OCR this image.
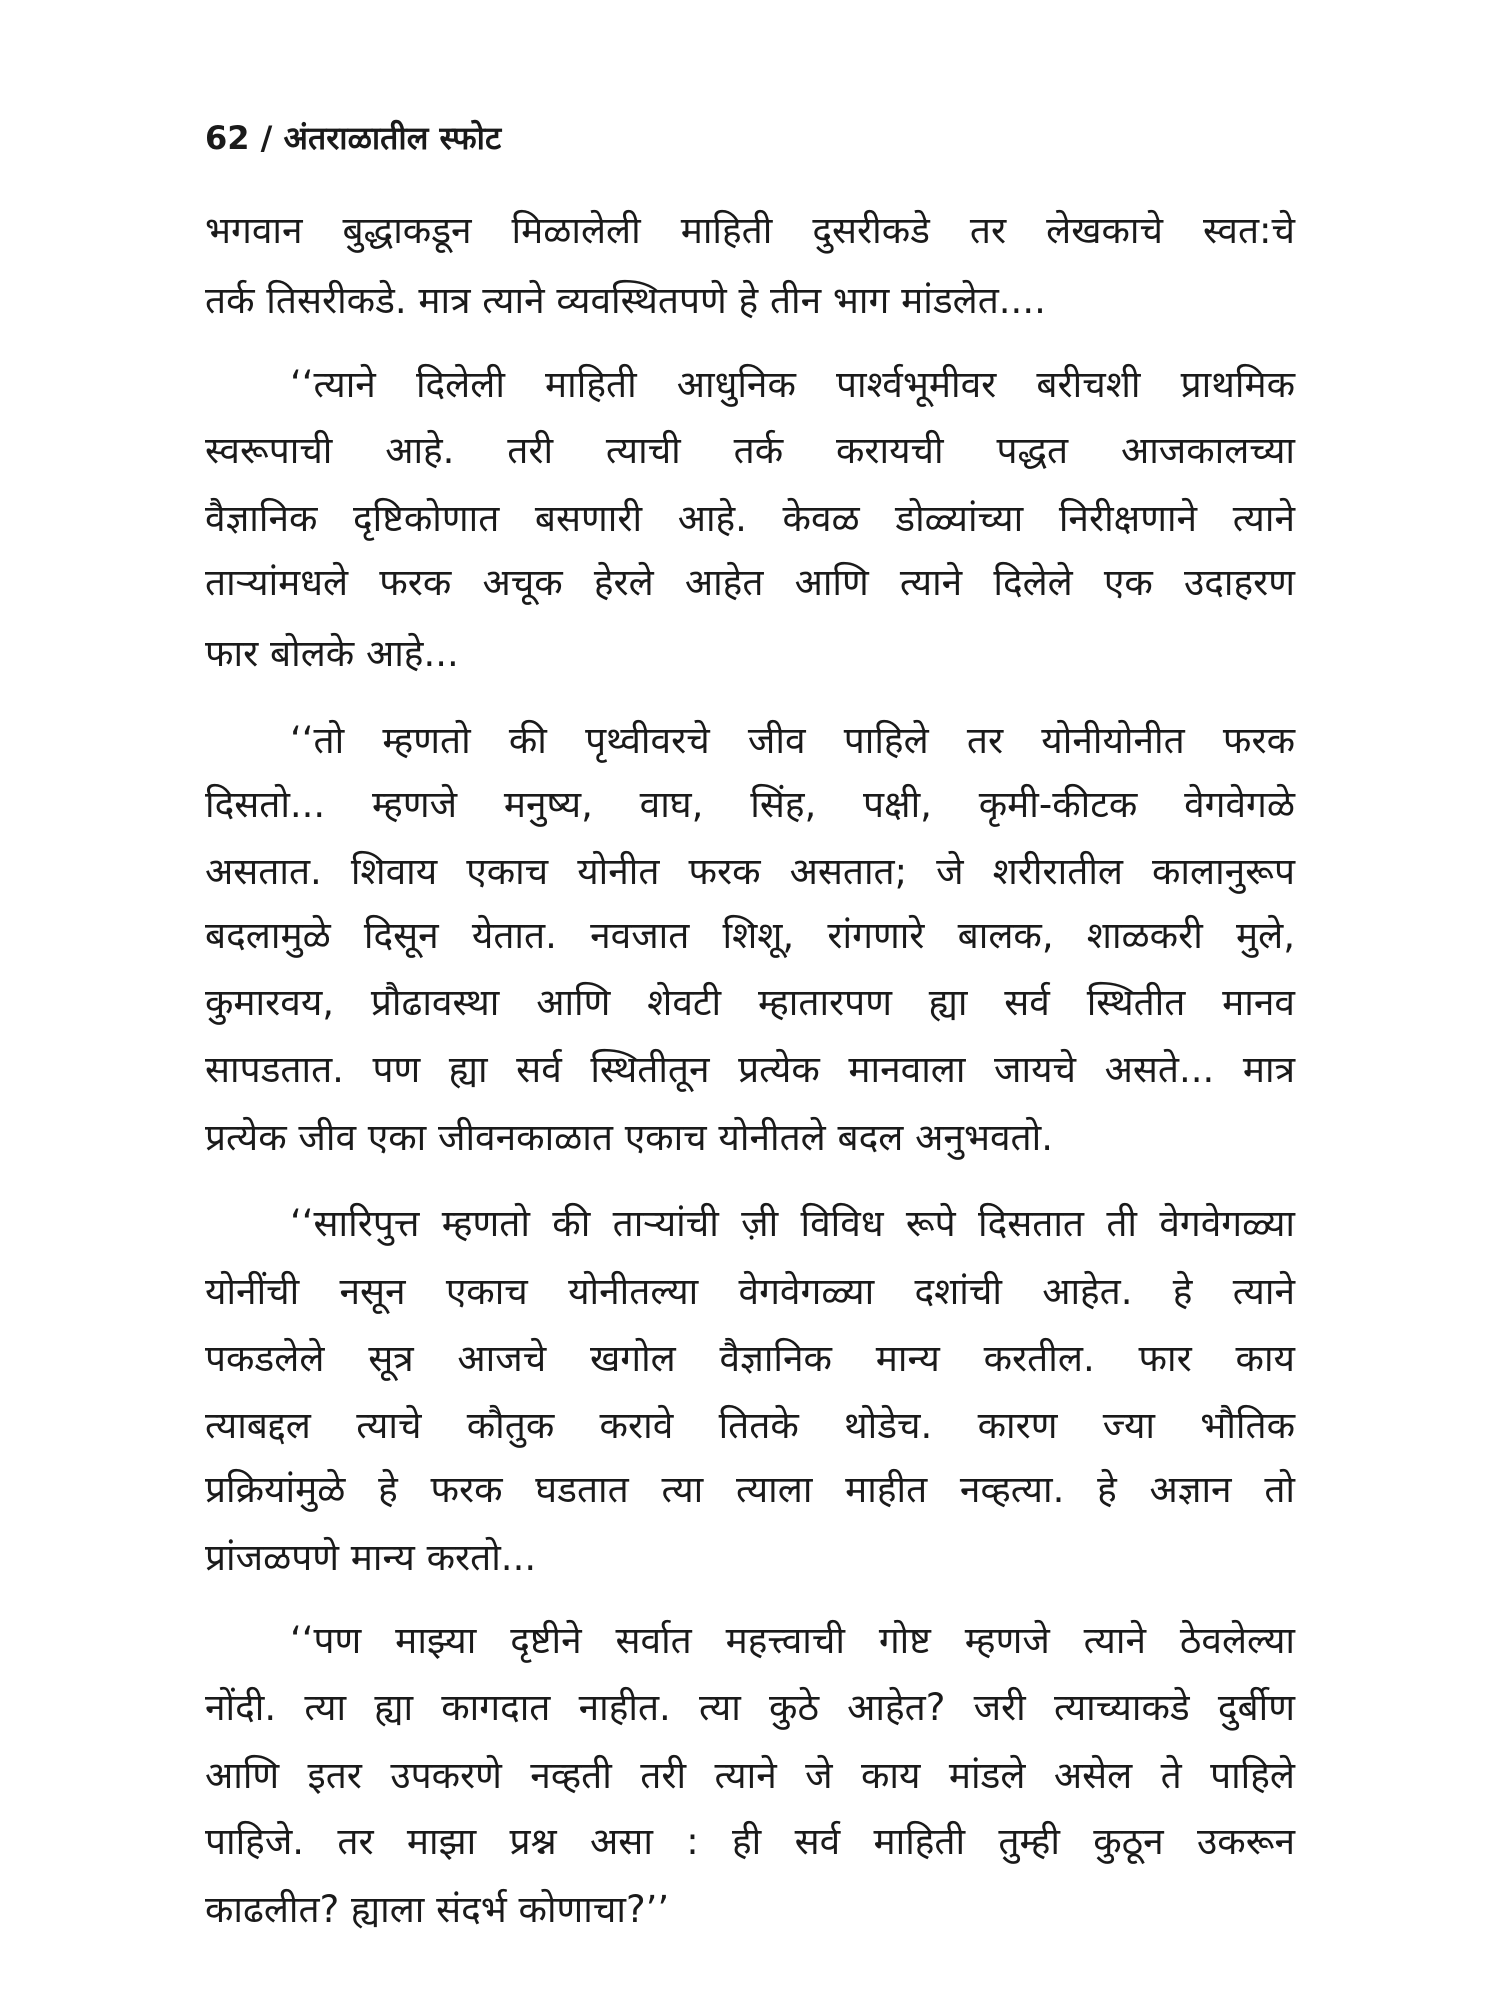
62 / अंतराळातील स्फोट
भगवान बुद्धाकडून मिळालेली माहिती दुसरीकडे तर लेखकाचे स्वत:चे
तर्क तिसरीकडे. मात्र त्याने व्यवस्थितपणे हे तीन भाग मांडलेत....
‘‘त्याने दिलेली माहिती आधुनिक पार्श्वभूमीवर बरीचशी प्राथमिक
स्वरूपाची आहे. तरी त्याची तर्क करायची पद्धत आजकालच्या
वैज्ञानिक दृष्टिकोणात बसणारी आहे. केवळ डोळ्यांच्या निरीक्षणाने त्याने
ताऱ्यांमधले फरक अचूक हेरले आहेत आणि त्याने दिलेले एक उदाहरण
फार बोलके आहे...
‘‘तो म्हणतो की पृथ्वीवरचे जीव पाहिले तर योनीयोनीत फरक
दिसतो... म्हणजे मनुष्य, वाघ, सिंह, पक्षी, कृमी-कीटक वेगवेगळे
असतात. शिवाय एकाच योनीत फरक असतात; जे शरीरातील कालानुरूप
बदलामुळे दिसून येतात. नवजात शिशू, रांगणारे बालक, शाळकरी मुले,
कुमारवय, प्रौढावस्था आणि शेवटी म्हातारपण ह्या सर्व स्थितीत मानव
सापडतात. पण ह्या सर्व स्थितीतून प्रत्येक मानवाला जायचे असते... मात्र
प्रत्येक जीव एका जीवनकाळात एकाच योनीतले बदल अनुभवतो.
‘‘सारिपुत्त म्हणतो की ताऱ्यांची ज़ी विविध रूपे दिसतात ती वेगवेगळ्या
योनींची नसून एकाच योनीतल्या वेगवेगळ्या दशांची आहेत. हे त्याने
पकडलेले सूत्र आजचे खगोल वैज्ञानिक मान्य करतील. फार काय
त्याबद्दल त्याचे कौतुक करावे तितके थोडेच. कारण ज्या भौतिक
प्रक्रियांमुळे हे फरक घडतात त्या त्याला माहीत नव्हत्या. हे अज्ञान तो
प्रांजळपणे मान्य करतो...
‘‘पण माझ्या दृष्टीने सर्वात महत्त्वाची गोष्ट म्हणजे त्याने ठेवलेल्या
नोंदी. त्या ह्या कागदात नाहीत. त्या कुठे आहेत? जरी त्याच्याकडे दुर्बीण
आणि इतर उपकरणे नव्हती तरी त्याने जे काय मांडले असेल ते पाहिले
पाहिजे. तर माझा प्रश्न असा : ही सर्व माहिती तुम्ही कुठून उकरून
काढलीत? ह्याला संदर्भ कोणाचा?’’
